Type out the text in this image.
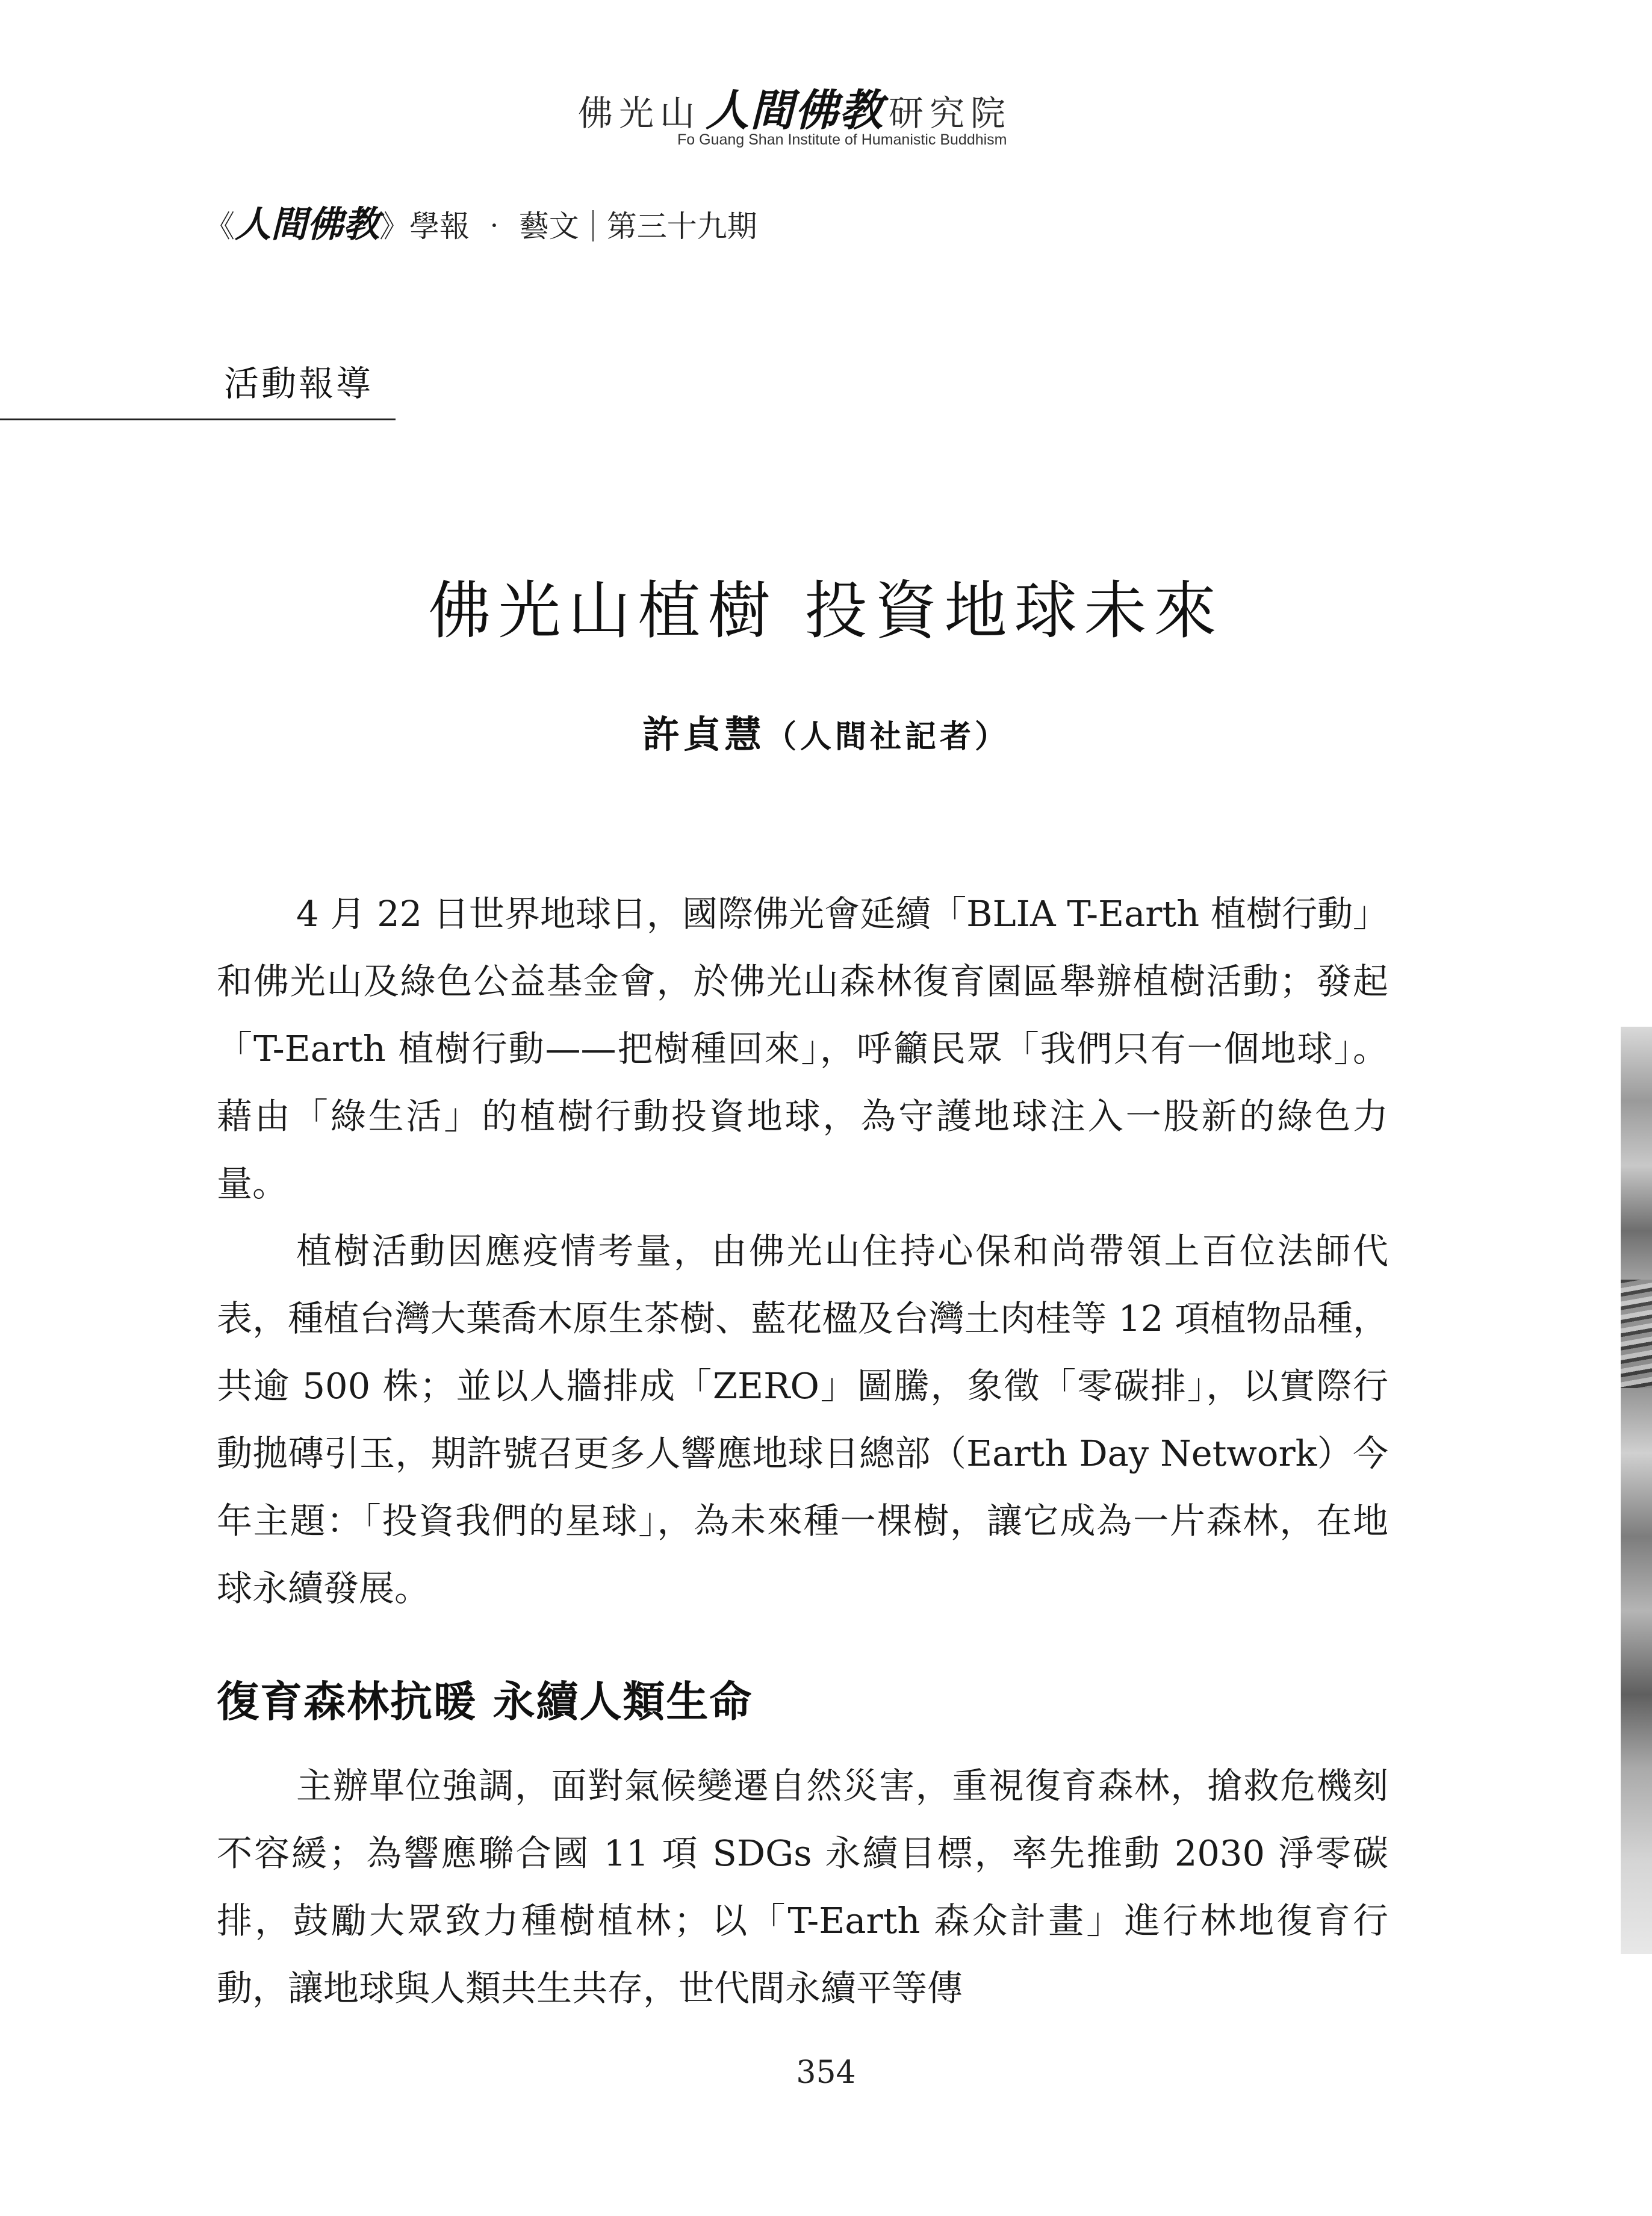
佛光山 人間佛教 研究院
Fo Guang Shan Institute of Humanistic Buddhism
《人間佛教》學報 ‧ 藝文 第三十九期
活動報導
佛光山植樹 投資地球未來
許貞慧（人間社記者）

4 月 22 日世界地球日，國際佛光會延續「BLIA T-Earth 植樹行動」和佛光山及綠色公益基金會，於佛光山森林復育園區舉辦植樹活動；發起「T-Earth 植樹行動——把樹種回來」，呼籲民眾「我們只有一個地球」。藉由「綠生活」的植樹行動投資地球，為守護地球注入一股新的綠色力量。

植樹活動因應疫情考量，由佛光山住持心保和尚帶領上百位法師代表，種植台灣大葉喬木原生茶樹、藍花楹及台灣土肉桂等 12 項植物品種，共逾 500 株；並以人牆排成「ZERO」圖騰，象徵「零碳排」，以實際行動拋磚引玉，期許號召更多人響應地球日總部（Earth Day Network）今年主題：「投資我們的星球」，為未來種一棵樹，讓它成為一片森林，在地球永續發展。

復育森林抗暖 永續人類生命

主辦單位強調，面對氣候變遷自然災害，重視復育森林，搶救危機刻不容緩；為響應聯合國 11 項 SDGs 永續目標，率先推動 2030 淨零碳排，鼓勵大眾致力種樹植林；以「T-Earth 森众計畫」進行林地復育行動，讓地球與人類共生共存，世代間永續平等傳

354
